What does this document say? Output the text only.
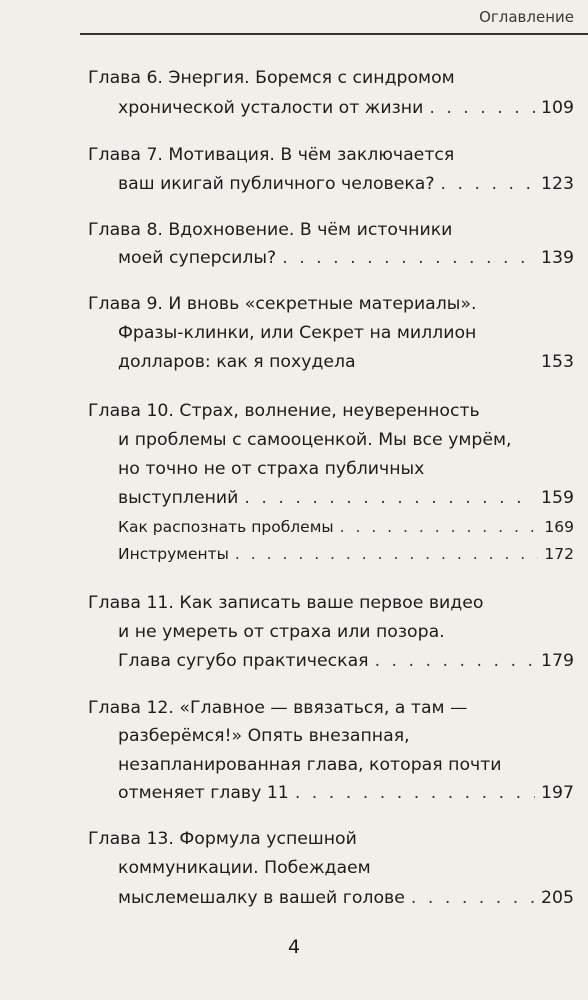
Оглавление
Глава 6. Энергия. Боремся с синдромом
хронической усталости от жизни . . .	109
Глава 7. Мотивация. В чём заключается
ваш икигай публичного человека? . . .	123
Глава 8. Вдохновение. В чём источники
моей суперсилы? . . .	139
Глава 9. И вновь «секретные материалы».
Фразы-клинки, или Секрет на миллион
долларов: как я похудела	153
Глава 10. Страх, волнение, неуверенность
и проблемы с самооценкой. Мы все умрём,
но точно не от страха публичных
выступлений . . .	159
Как распознать проблемы . . .	169
Инструменты . . .	172
Глава 11. Как записать ваше первое видео
и не умереть от страха или позора.
Глава сугубо практическая . . .	179
Глава 12. «Главное — ввязаться, а там —
разберёмся!» Опять внезапная,
незапланированная глава, которая почти
отменяет главу 11 . . .	197
Глава 13. Формула успешной
коммуникации. Побеждаем
мыслемешалку в вашей голове . . .	205
4
